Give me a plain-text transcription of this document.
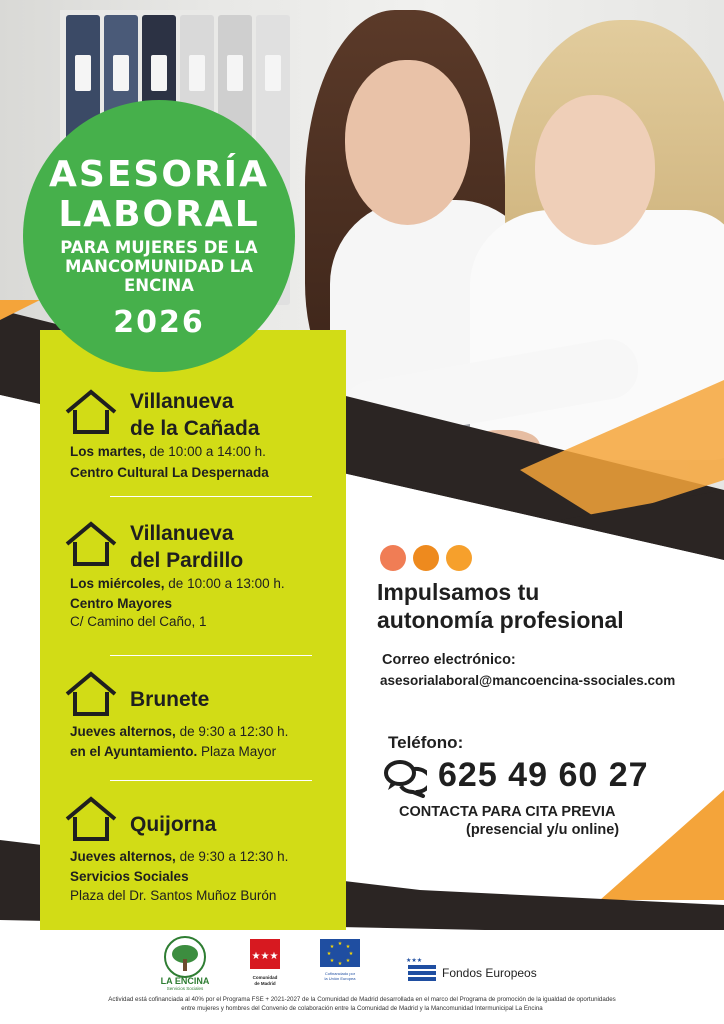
Villanueva
de la Cañada
Los martes, de 10:00 a 14:00 h.
Centro Cultural La Despernada
Villanueva
del Pardillo
Los miércoles, de 10:00 a 13:00 h.
Centro Mayores
C/ Camino del Caño, 1
Brunete
Jueves alternos, de 9:30 a 12:30 h.
en el Ayuntamiento. Plaza Mayor
Quijorna
Jueves alternos, de 9:30 a 12:30 h.
Servicios Sociales
Plaza del Dr. Santos Muñoz Burón
ASESORÍA
LABORAL
PARA MUJERES DE LA MANCOMUNIDAD LA ENCINA
2026
Impulsamos tu
autonomía profesional
Correo electrónico:
asesorialaboral@mancoencina-ssociales.com
Teléfono:
625 49 60 27
CONTACTA PARA CITA PREVIA
(presencial y/u online)
LA ENCINA
Servicios Sociales
★★★
Comunidad
de Madrid
★ ★
★
★
★
★
★
★
Cofinanciado por
la Unión Europea
★★★
Fondos Europeos
Actividad está cofinanciada al 40% por el Programa FSE + 2021-2027 de la Comunidad de Madrid desarrollada en el marco del Programa de promoción de la igualdad de oportunidades
entre mujeres y hombres del Convenio de colaboración entre la Comunidad de Madrid y la Mancomunidad Intermunicipal La Encina
